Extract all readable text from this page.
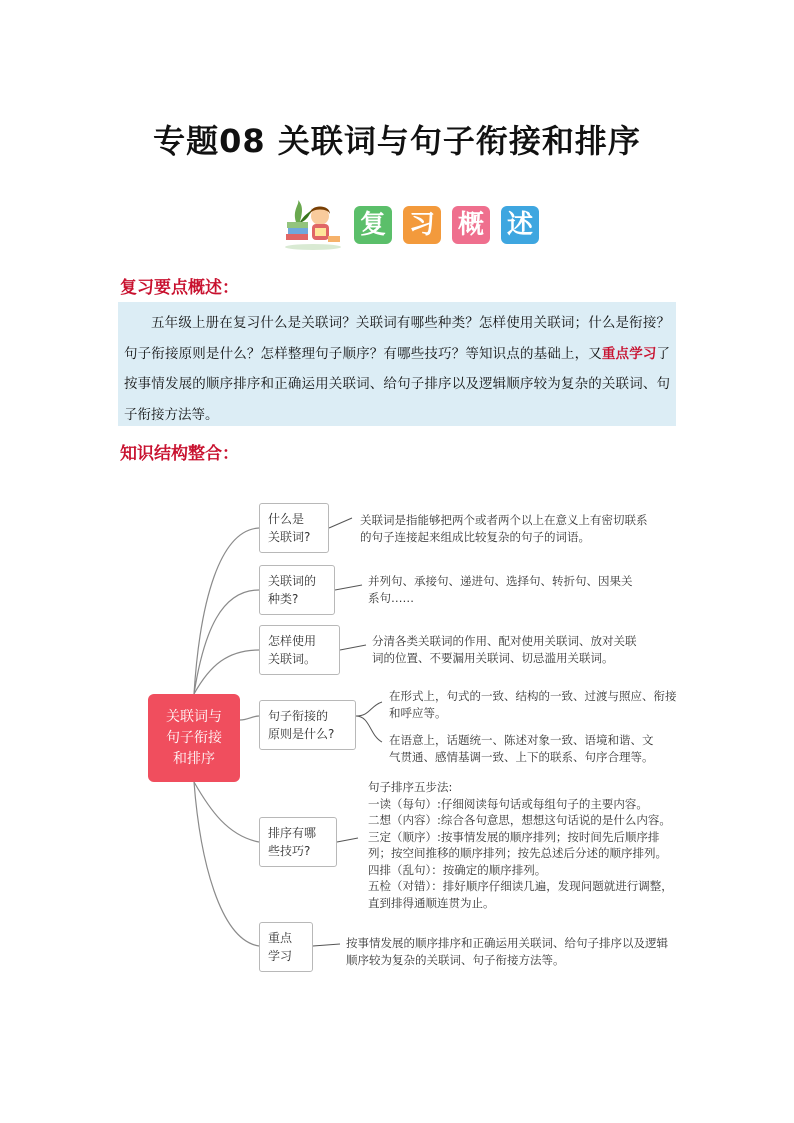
专题08 关联词与句子衔接和排序
复 习 概 述
复习要点概述：
五年级上册在复习什么是关联词？关联词有哪些种类？怎样使用关联词；什么是衔接？句子衔接原则是什么？怎样整理句子顺序？有哪些技巧？等知识点的基础上，又重点学习了按事情发展的顺序排序和正确运用关联词、给句子排序以及逻辑顺序较为复杂的关联词、句子衔接方法等。
知识结构整合：
关联词与
句子衔接
和排序
什么是
关联词?
关联词是指能够把两个或者两个以上在意义上有密切联系
的句子连接起来组成比较复杂的句子的词语。
关联词的
种类?
并列句、承接句、递进句、选择句、转折句、因果关
系句……
怎样使用
关联词。
分清各类关联词的作用、配对使用关联词、放对关联
词的位置、不要漏用关联词、切忌滥用关联词。
句子衔接的
原则是什么?
在形式上，句式的一致、结构的一致、过渡与照应、衔接
和呼应等。
在语意上，话题统一、陈述对象一致、语境和谐、文
气贯通、感情基调一致、上下的联系、句序合理等。
排序有哪
些技巧?
句子排序五步法:
一读（每句）:仔细阅读每句话或每组句子的主要内容。
二想（内容）:综合各句意思，想想这句话说的是什么内容。
三定（顺序）:按事情发展的顺序排列；按时间先后顺序排
列；按空间推移的顺序排列；按先总述后分述的顺序排列。
四排（乱句）：按确定的顺序排列。
五检（对错）：排好顺序仔细读几遍，发现问题就进行调整，
直到排得通顺连贯为止。
重点
学习
按事情发展的顺序排序和正确运用关联词、给句子排序以及逻辑
顺序较为复杂的关联词、句子衔接方法等。
